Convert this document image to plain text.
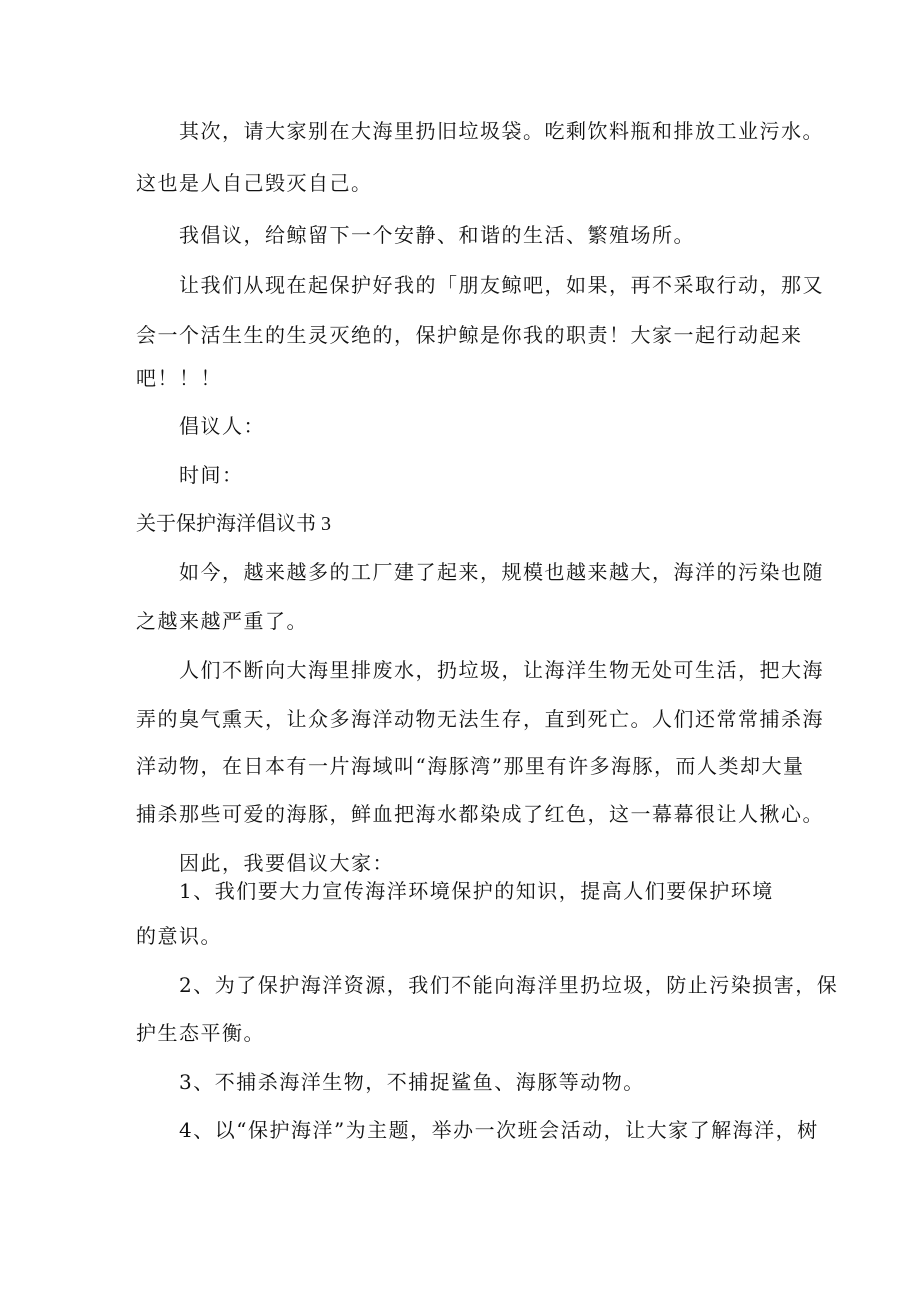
其次，请大家别在大海里扔旧垃圾袋。吃剩饮料瓶和排放工业污水。

这也是人自己毁灭自己。

我倡议，给鲸留下一个安静、和谐的生活、繁殖场所。

让我们从现在起保护好我的「朋友鲸吧，如果，再不采取行动，那又

会一个活生生的生灵灭绝的，保护鲸是你我的职责！大家一起行动起来

吧！！！

倡议人：

时间：

关于保护海洋倡议书 3

如今，越来越多的工厂建了起来，规模也越来越大，海洋的污染也随

之越来越严重了。

人们不断向大海里排废水，扔垃圾，让海洋生物无处可生活，把大海

弄的臭气熏天，让众多海洋动物无法生存，直到死亡。人们还常常捕杀海

洋动物，在日本有一片海域叫“海豚湾”那里有许多海豚，而人类却大量

捕杀那些可爱的海豚，鲜血把海水都染成了红色，这一幕幕很让人揪心。

因此，我要倡议大家：

1、我们要大力宣传海洋环境保护的知识，提高人们要保护环境

的意识。

2、为了保护海洋资源，我们不能向海洋里扔垃圾，防止污染损害，保

护生态平衡。

3、不捕杀海洋生物，不捕捉鲨鱼、海豚等动物。

4、以“保护海洋”为主题，举办一次班会活动，让大家了解海洋，树
